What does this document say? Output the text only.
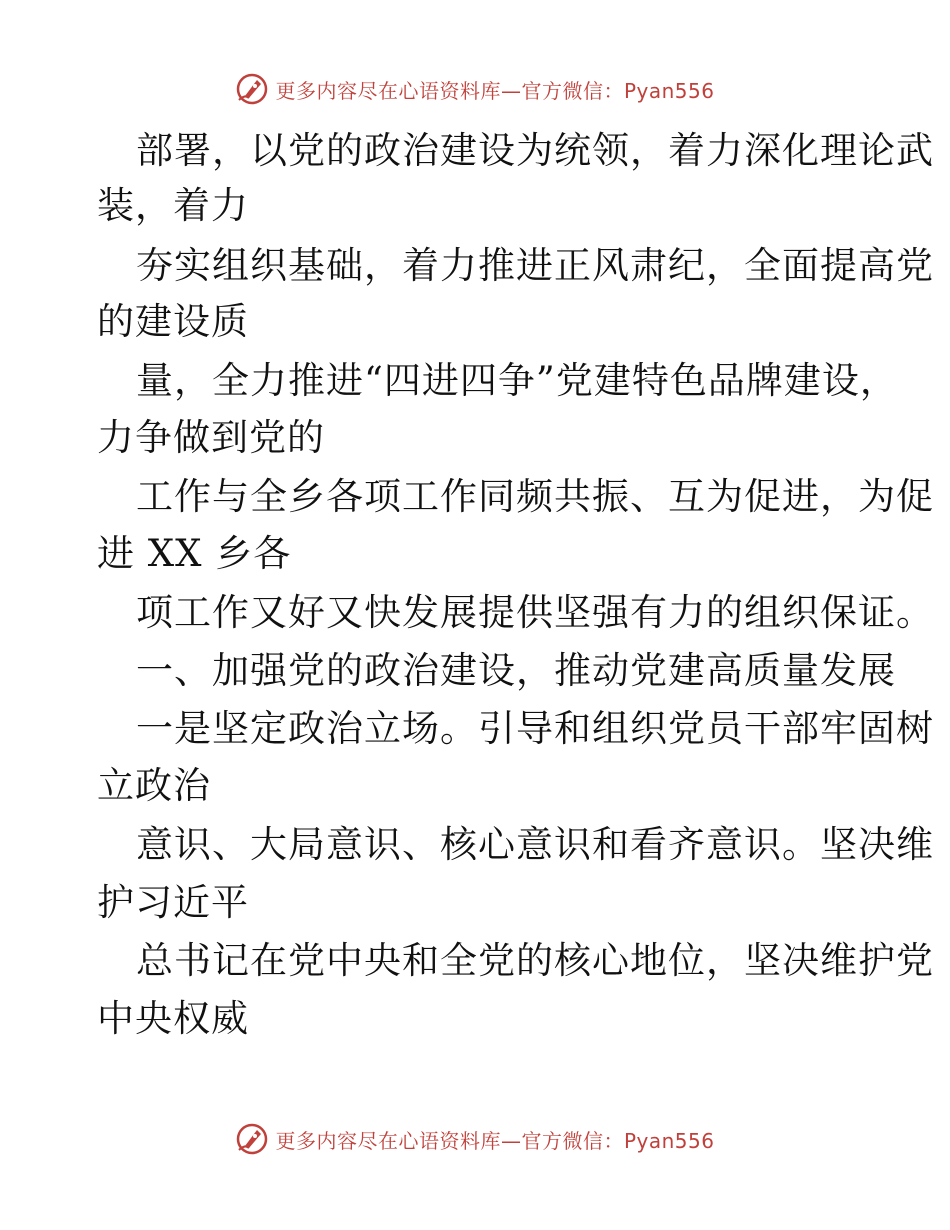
更多内容尽在心语资料库—官方微信：Pyan556
部署，以党的政治建设为统领，着力深化理论武
装，着力
夯实组织基础，着力推进正风肃纪，全面提高党
的建设质
量，全力推进“四进四争”党建特色品牌建设，
力争做到党的
工作与全乡各项工作同频共振、互为促进，为促
进 XX 乡各
项工作又好又快发展提供坚强有力的组织保证。
一、加强党的政治建设，推动党建高质量发展
一是坚定政治立场。引导和组织党员干部牢固树
立政治
意识、大局意识、核心意识和看齐意识。坚决维
护习近平
总书记在党中央和全党的核心地位，坚决维护党
中央权威
更多内容尽在心语资料库—官方微信：Pyan556
